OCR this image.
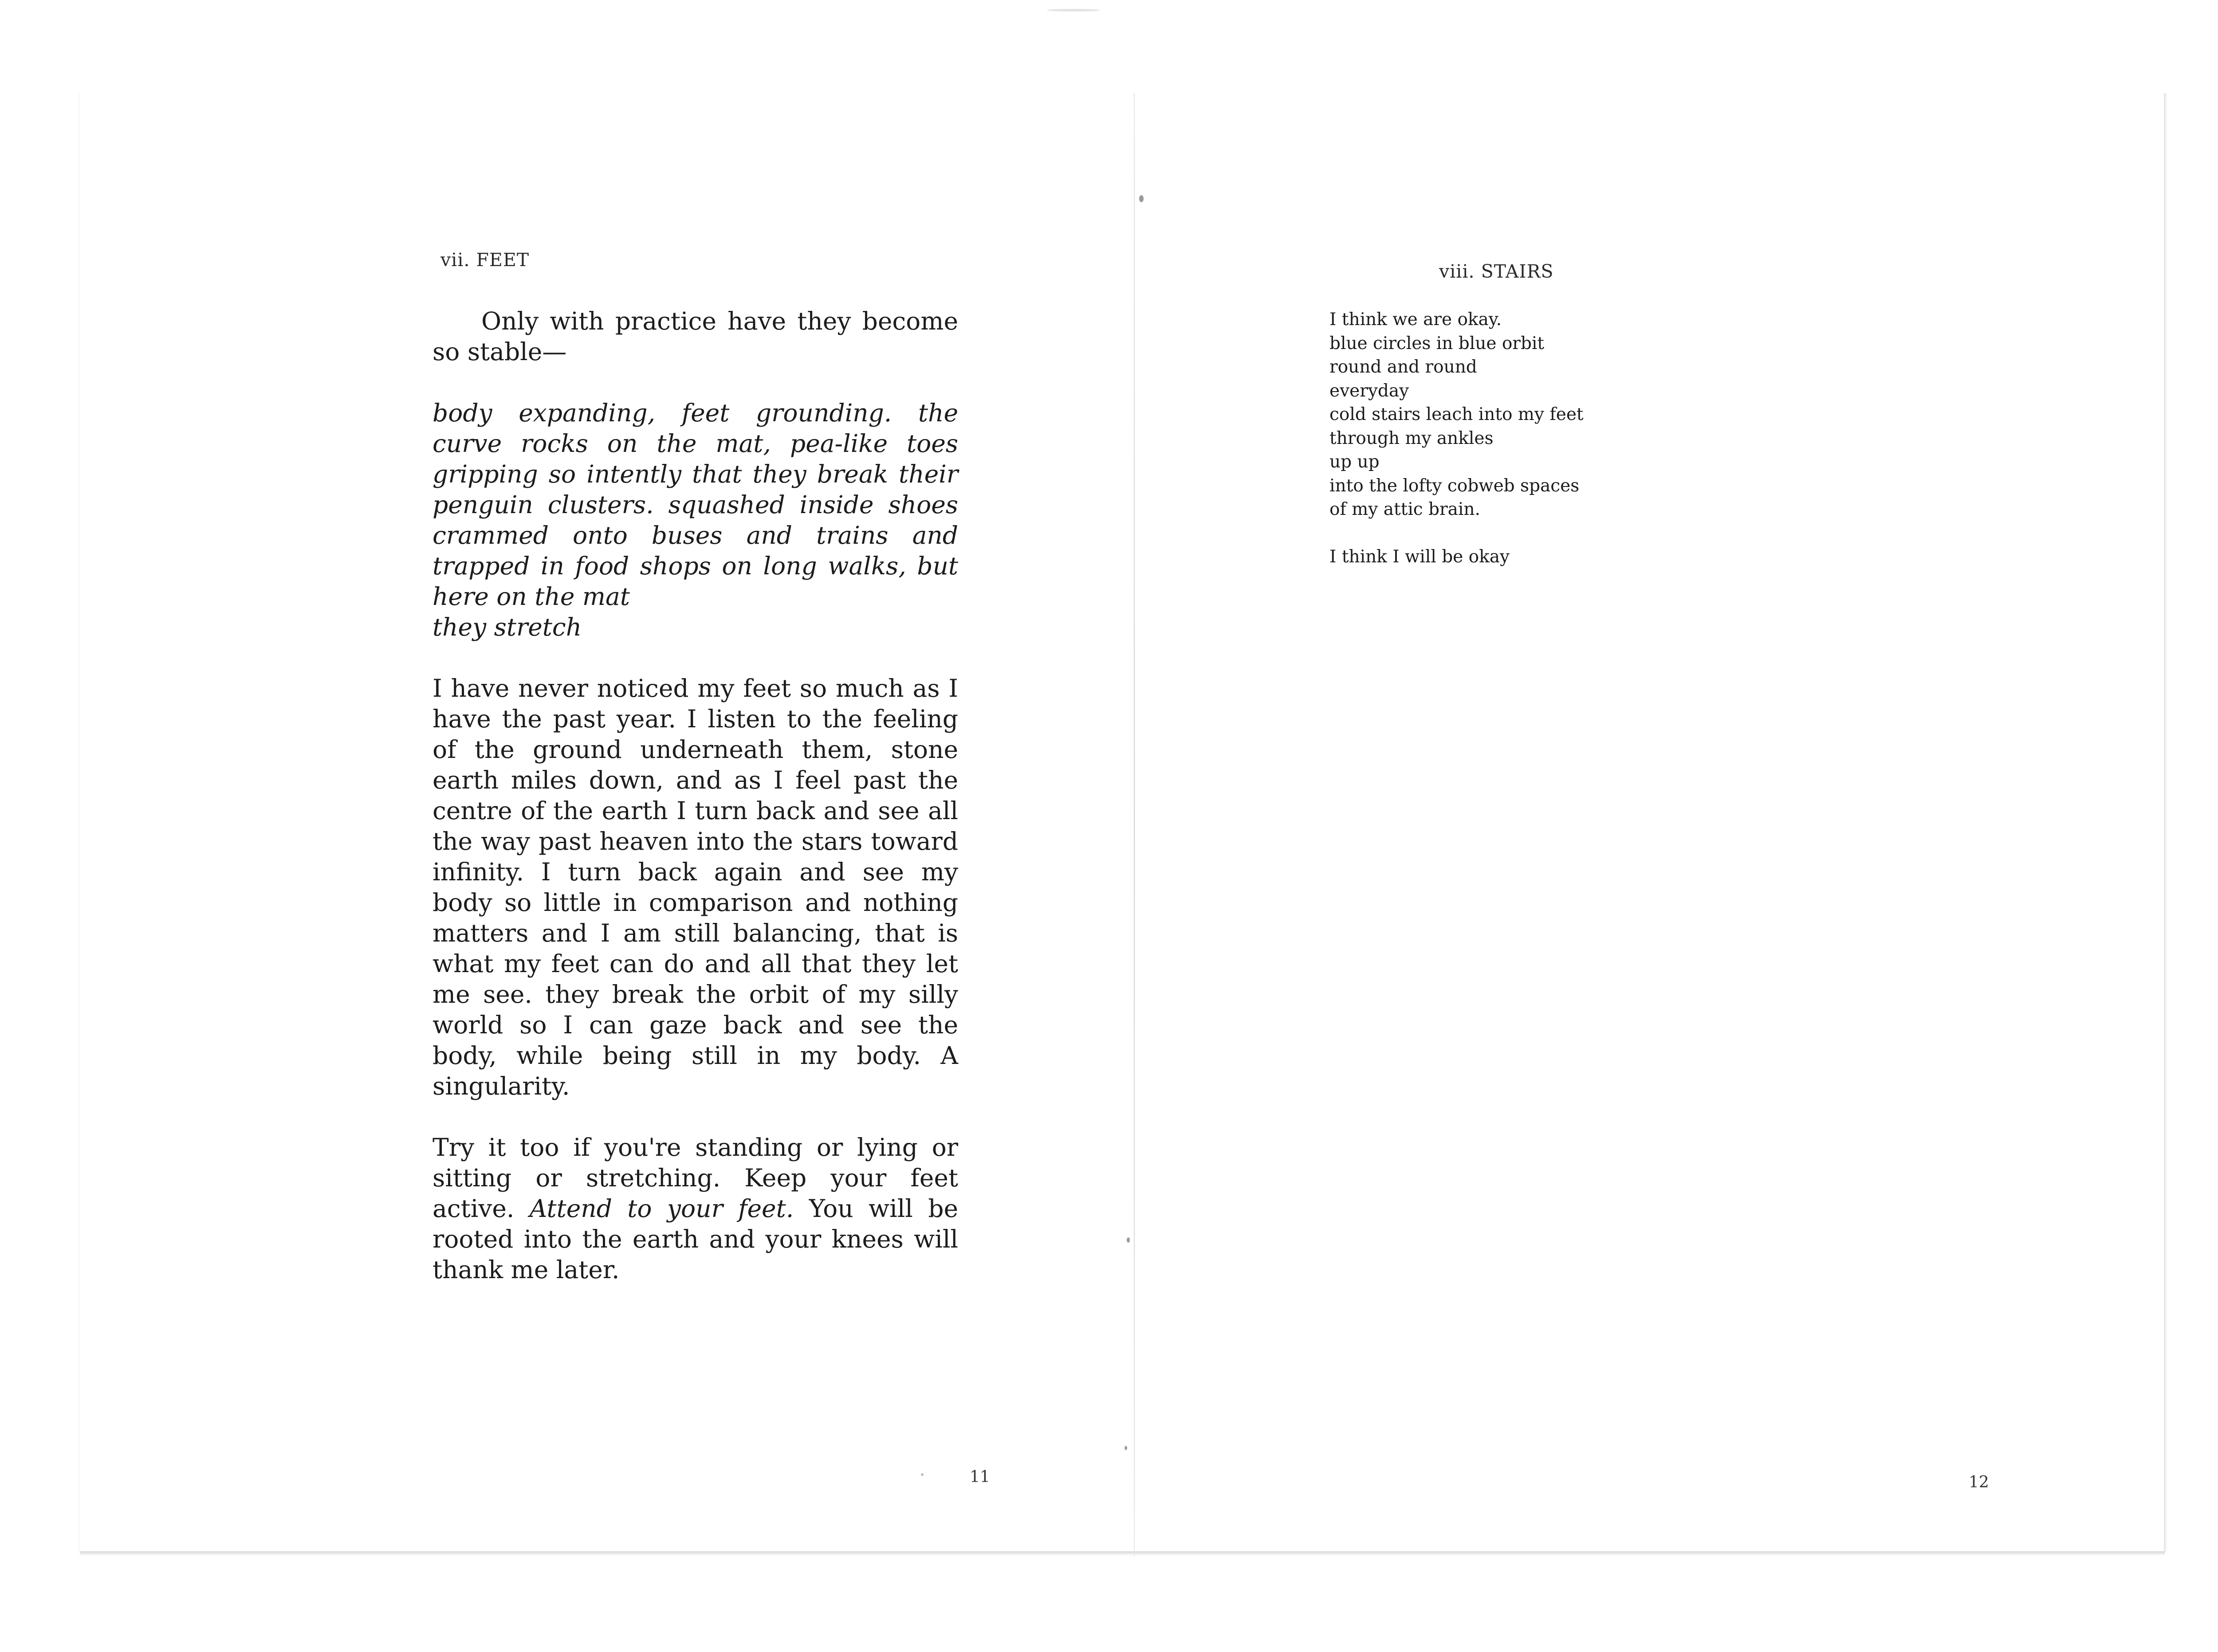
vii. FEET

Only with practice have they become so stable—

body expanding, feet grounding. the curve rocks on the mat, pea-like toes gripping so intently that they break their penguin clusters. squashed inside shoes crammed onto buses and trains and trapped in food shops on long walks, but here on the mat

they stretch

I have never noticed my feet so much as I have the past year. I listen to the feeling of the ground underneath them, stone earth miles down, and as I feel past the centre of the earth I turn back and see all the way past heaven into the stars toward infinity. I turn back again and see my body so little in comparison and nothing matters and I am still balancing, that is what my feet can do and all that they let me see. they break the orbit of my silly world so I can gaze back and see the body, while being still in my body. A singularity.

Try it too if you're standing or lying or sitting or stretching. Keep your feet active. Attend to your feet. You will be rooted into the earth and your knees will thank me later.

11
viii. STAIRS
I think we are okay.
blue circles in blue orbit
round and round
everyday
cold stairs leach into my feet
through my ankles
up up
into the lofty cobweb spaces
of my attic brain.
I think I will be okay
12
